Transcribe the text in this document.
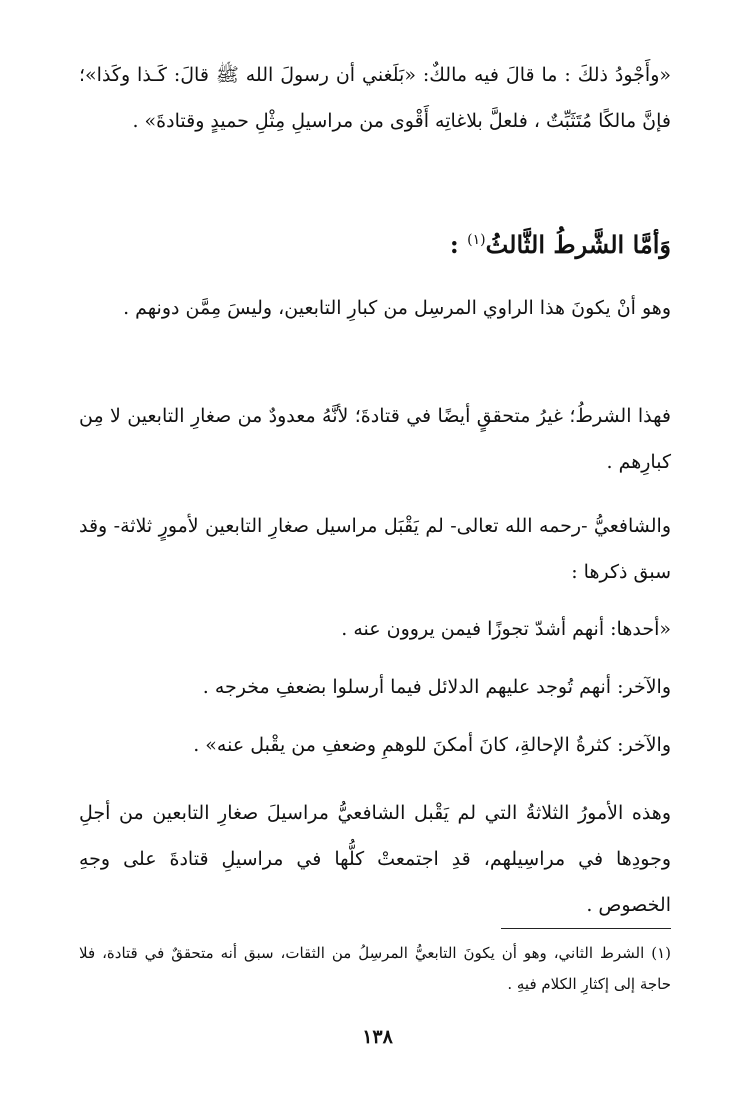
«وأَجْودُ ذلكَ : ما قالَ فيه مالكٌ: «بَلَغني أن رسولَ الله ﷺ قالَ: كَـذا وكَذا»؛ فإنَّ مالكًا مُتَثَبِّتٌ ، فلعلَّ بلاغاتِه أَقْوى من مراسيلِ مِثْلِ حميدٍ وقتادةَ» .

وَأمَّا الشَّرطُ الثَّالثُ$^{(١)}$ :

وهو أنْ يكونَ هذا الراوي المرسِل من كبارِ التابعين، وليسَ مِمَّن دونهم .

فهذا الشرطُ؛ غيرُ متحققٍ أيضًا في قتادةَ؛ لأنَّهُ معدودٌ من صغارِ التابعين لا مِن كبارِهم .

والشافعيُّ -رحمه الله تعالى- لم يَقْبَل مراسيل صغارِ التابعين لأمورٍ ثلاثة- وقد سبق ذكرها :

«أحدها: أنهم أشدّ تجوزًا فيمن يروون عنه .
والآخر: أنهم تُوجد عليهم الدلائل فيما أرسلوا بضعفِ مخرجه .
والآخر: كثرةُ الإحالةِ، كانَ أمكنَ للوهمِ وضعفِ من يقْبل عنه» .

وهذه الأمورُ الثلاثةُ التي لم يَقْبل الشافعيُّ مراسيلَ صغارِ التابعين من أجلِ وجودِها في مراسِيلهم، قدِ اجتمعتْ كلُّها في مراسيلِ قتادةَ على وجهِ الخصوص .

(١) الشرط الثاني، وهو أن يكونَ التابعيُّ المرسِلُ من الثقات، سبق أنه متحققٌ في قتادة، فلا حاجة إلى إكثارِ الكلام فيهِ .

١٣٨
